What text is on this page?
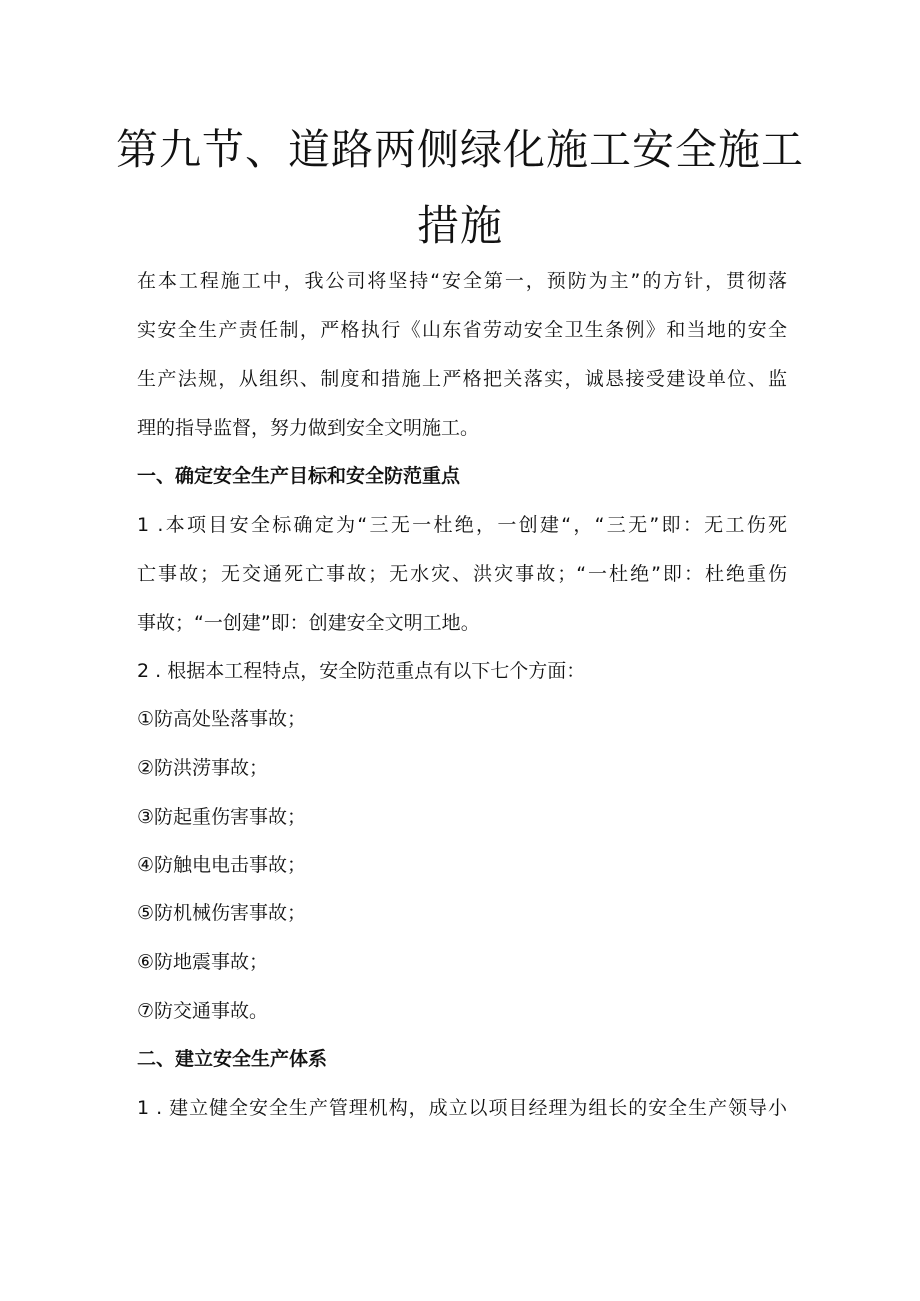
第九节、道路两侧绿化施工安全施工
措施
在本工程施工中，我公司将坚持“安全第一，预防为主”的方针，贯彻落
实安全生产责任制，严格执行《山东省劳动安全卫生条例》和当地的安全
生产法规，从组织、制度和措施上严格把关落实，诚恳接受建设单位、监
理的指导监督，努力做到安全文明施工。
一、确定安全生产目标和安全防范重点
1 .本项目安全标确定为“三无一杜绝，一创建“，“三无”即：无工伤死
亡事故；无交通死亡事故；无水灾、洪灾事故；“一杜绝”即：杜绝重伤
事故；“一创建”即：创建安全文明工地。
2 . 根据本工程特点，安全防范重点有以下七个方面：
①防高处坠落事故；
②防洪涝事故；
③防起重伤害事故；
④防触电电击事故；
⑤防机械伤害事故；
⑥防地震事故；
⑦防交通事故。
二、建立安全生产体系
1 . 建立健全安全生产管理机构，成立以项目经理为组长的安全生产领导小
